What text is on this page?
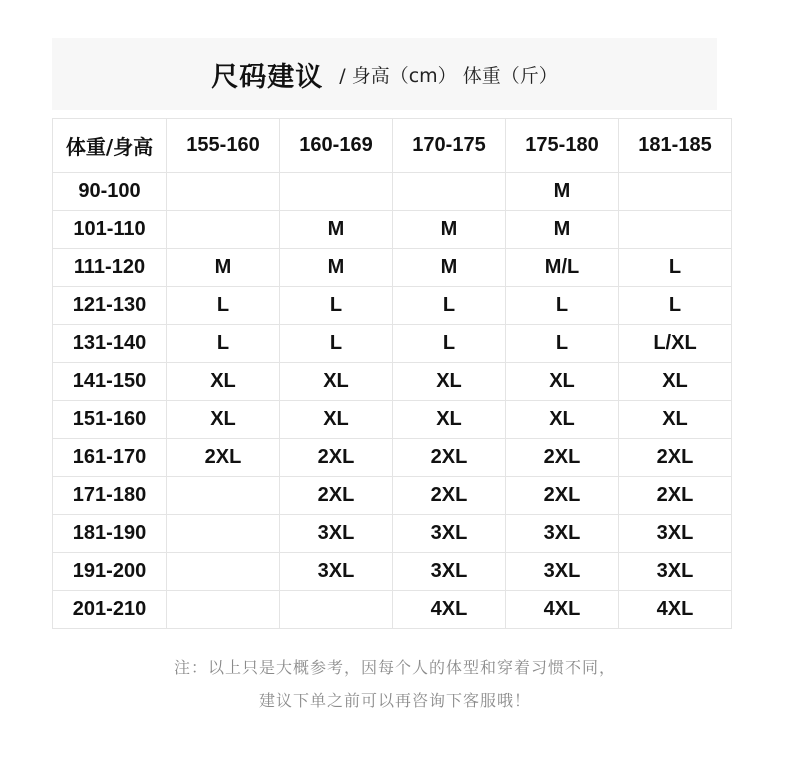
尺码建议 / 身高（cm） 体重（斤）
体重/身高	155-160	160-169	170-175	175-180	181-185
90-100				M	
101-110		M	M	M	
111-120	M	M	M	M/L	L
121-130	L	L	L	L	L
131-140	L	L	L	L	L/XL
141-150	XL	XL	XL	XL	XL
151-160	XL	XL	XL	XL	XL
161-170	2XL	2XL	2XL	2XL	2XL
171-180		2XL	2XL	2XL	2XL
181-190		3XL	3XL	3XL	3XL
191-200		3XL	3XL	3XL	3XL
201-210			4XL	4XL	4XL
注：以上只是大概参考，因每个人的体型和穿着习惯不同，
建议下单之前可以再咨询下客服哦！
